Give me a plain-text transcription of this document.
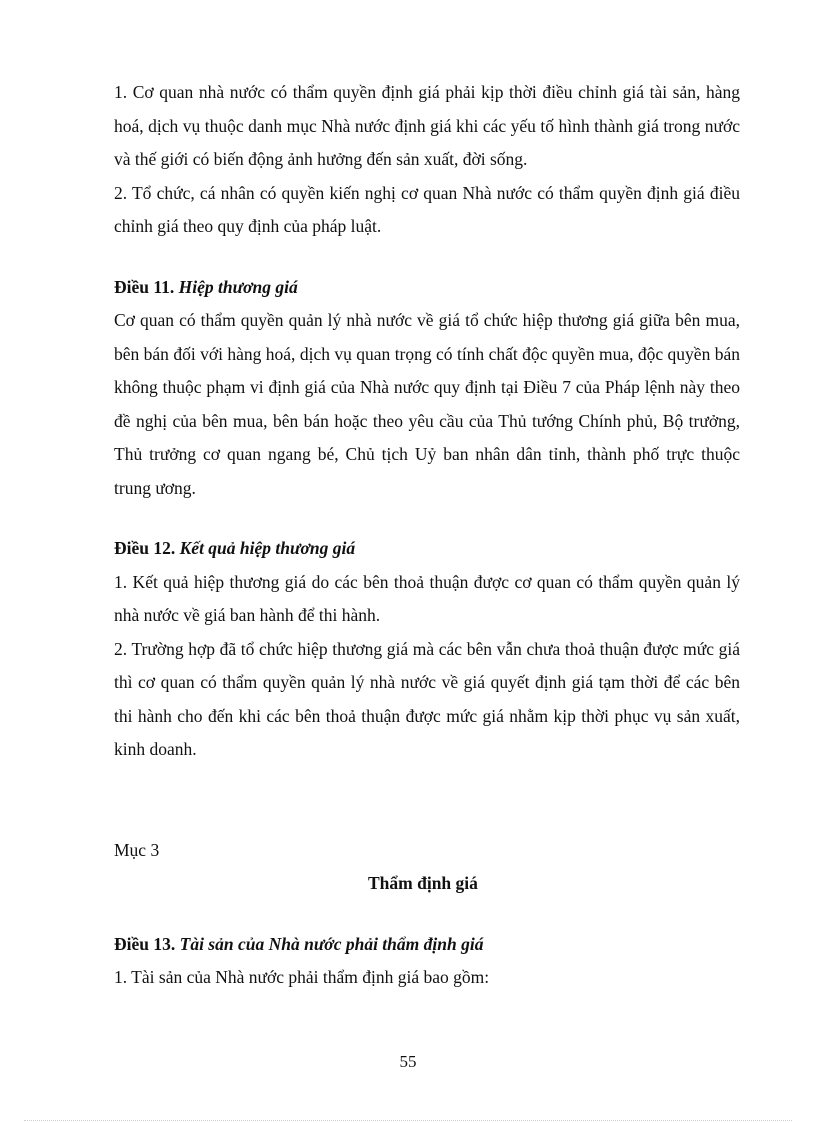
1. Cơ quan nhà nước có thẩm quyền định giá phải kịp thời điều chỉnh giá tài sản, hàng hoá, dịch vụ thuộc danh mục Nhà nước định giá khi các yếu tố hình thành giá trong nước và thế giới có biến động ảnh hưởng đến sản xuất, đời sống.

2. Tổ chức, cá nhân có quyền kiến nghị cơ quan Nhà nước có thẩm quyền định giá điều chỉnh giá theo quy định của pháp luật.

Điều 11. Hiệp thương giá

Cơ quan có thẩm quyền quản lý nhà nước về giá tổ chức hiệp thương giá giữa bên mua, bên bán đối với hàng hoá, dịch vụ quan trọng có tính chất độc quyền mua, độc quyền bán không thuộc phạm vi định giá của Nhà nước quy định tại Điều 7 của Pháp lệnh này theo đề nghị của bên mua, bên bán hoặc theo yêu cầu của Thủ tướng Chính phủ, Bộ trưởng, Thủ trưởng cơ quan ngang bé, Chủ tịch Uỷ ban nhân dân tỉnh, thành phố trực thuộc trung ương.

Điều 12. Kết quả hiệp thương giá

1. Kết quả hiệp thương giá do các bên thoả thuận được cơ quan có thẩm quyền quản lý nhà nước về giá ban hành để thi hành.

2. Trường hợp đã tổ chức hiệp thương giá mà các bên vẫn chưa thoả thuận được mức giá thì cơ quan có thẩm quyền quản lý nhà nước về giá quyết định giá tạm thời để các bên thi hành cho đến khi các bên thoả thuận được mức giá nhằm kịp thời phục vụ sản xuất, kinh doanh.

Mục 3

Thẩm định giá

Điều 13. Tài sản của Nhà nước phải thẩm định giá

1. Tài sản của Nhà nước phải thẩm định giá bao gồm:

55
